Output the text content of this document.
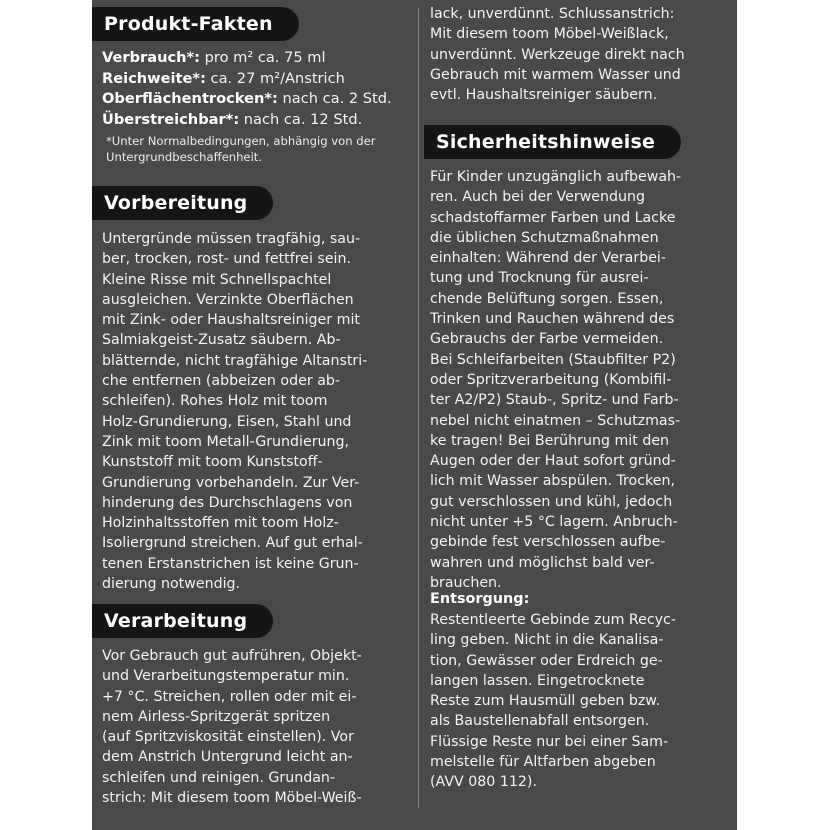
Produkt-Fakten
Verbrauch*: pro m² ca. 75 ml
Reichweite*: ca. 27 m²/Anstrich
Oberflächentrocken*: nach ca. 2 Std.
Überstreichbar*: nach ca. 12 Std.

*Unter Normalbedingungen, abhängig von der
Untergrundbeschaffenheit.

Vorbereitung

Untergründe müssen tragfähig, sau-
ber, trocken, rost- und fettfrei sein.
Kleine Risse mit Schnellspachtel
ausgleichen. Verzinkte Oberflächen
mit Zink- oder Haushaltsreiniger mit
Salmiakgeist-Zusatz säubern. Ab-
blätternde, nicht tragfähige Altanstri-
che entfernen (abbeizen oder ab-
schleifen). Rohes Holz mit toom
Holz-Grundierung, Eisen, Stahl und
Zink mit toom Metall-Grundierung,
Kunststoff mit toom Kunststoff-
Grundierung vorbehandeln. Zur Ver-
hinderung des Durchschlagens von
Holzinhaltsstoffen mit toom Holz-
Isoliergrund streichen. Auf gut erhal-
tenen Erstanstrichen ist keine Grun-
dierung notwendig.

Verarbeitung

Vor Gebrauch gut aufrühren, Objekt-
und Verarbeitungstemperatur min.
+7 °C. Streichen, rollen oder mit ei-
nem Airless-Spritzgerät spritzen
(auf Spritzviskosität einstellen). Vor
dem Anstrich Untergrund leicht an-
schleifen und reinigen. Grundan-
strich: Mit diesem toom Möbel-Weiß-

lack, unverdünnt. Schlussanstrich:
Mit diesem toom Möbel-Weißlack,
unverdünnt. Werkzeuge direkt nach
Gebrauch mit warmem Wasser und
evtl. Haushaltsreiniger säubern.

Sicherheitshinweise

Für Kinder unzugänglich aufbewah-
ren. Auch bei der Verwendung
schadstoffarmer Farben und Lacke
die üblichen Schutzmaßnahmen
einhalten: Während der Verarbei-
tung und Trocknung für ausrei-
chende Belüftung sorgen. Essen,
Trinken und Rauchen während des
Gebrauchs der Farbe vermeiden.
Bei Schleifarbeiten (Staubfilter P2)
oder Spritzverarbeitung (Kombifil-
ter A2/P2) Staub-, Spritz- und Farb-
nebel nicht einatmen – Schutzmas-
ke tragen! Bei Berührung mit den
Augen oder der Haut sofort gründ-
lich mit Wasser abspülen. Trocken,
gut verschlossen und kühl, jedoch
nicht unter +5 °C lagern. Anbruch-
gebinde fest verschlossen aufbe-
wahren und möglichst bald ver-
brauchen.

Entsorgung:

Restentleerte Gebinde zum Recyc-
ling geben. Nicht in die Kanalisa-
tion, Gewässer oder Erdreich ge-
langen lassen. Eingetrocknete
Reste zum Hausmüll geben bzw.
als Baustellenabfall entsorgen.
Flüssige Reste nur bei einer Sam-
melstelle für Altfarben abgeben
(AVV 080 112).
